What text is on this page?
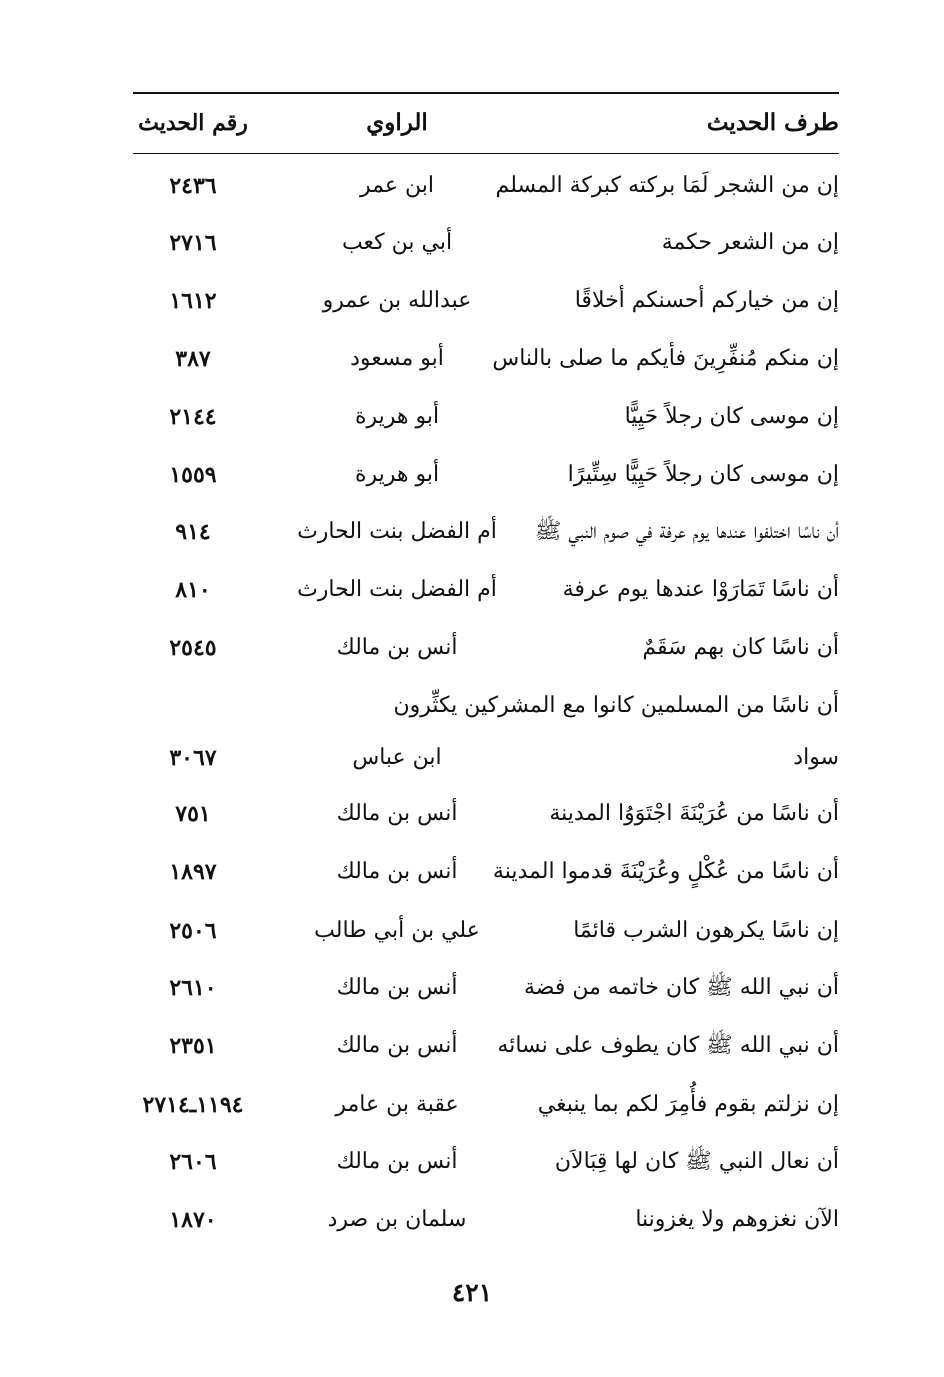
طرف الحديث
الراوي
رقم الحديث
إن من الشجر لَمَا بركته كبركة المسلم
ابن عمر
٢٤٣٦
إن من الشعر حكمة
أبي بن كعب
٢٧١٦
إن من خياركم أحسنكم أخلاقًا
عبدالله بن عمرو
١٦١٢
إن منكم مُنفِّرِينَ فأيكم ما صلى بالناس
أبو مسعود
٣٨٧
إن موسى كان رجلاً حَيِيًّا
أبو هريرة
٢١٤٤
إن موسى كان رجلاً حَيِيًّا سِتِّيرًا
أبو هريرة
١٥٥٩
أن ناسًا اختلفوا عندها يوم عرفة في صوم النبي ﷺ
أم الفضل بنت الحارث
٩١٤
أن ناسًا تَمَارَوْا عندها يوم عرفة
أم الفضل بنت الحارث
٨١٠
أن ناسًا كان بهم سَقَمٌ
أنس بن مالك
٢٥٤٥
أن ناسًا من المسلمين كانوا مع المشركين يكثِّرون
سواد
ابن عباس
٣٠٦٧
أن ناسًا من عُرَيْنَةَ اجْتَوَوُا المدينة
أنس بن مالك
٧٥١
أن ناسًا من عُكْلٍ وعُرَيْنَةَ قدموا المدينة
أنس بن مالك
١٨٩٧
إن ناسًا يكرهون الشرب قائمًا
علي بن أبي طالب
٢٥٠٦
أن نبي الله ﷺ كان خاتمه من فضة
أنس بن مالك
٢٦١٠
أن نبي الله ﷺ كان يطوف على نسائه
أنس بن مالك
٢٣٥١
إن نزلتم بقوم فأُمِرَ لكم بما ينبغي
عقبة بن عامر
١١٩٤ـ٢٧١٤
أن نعال النبي ﷺ كان لها قِبَالاَن
أنس بن مالك
٢٦٠٦
الآن نغزوهم ولا يغزوننا
سلمان بن صرد
١٨٧٠
٤٢١
